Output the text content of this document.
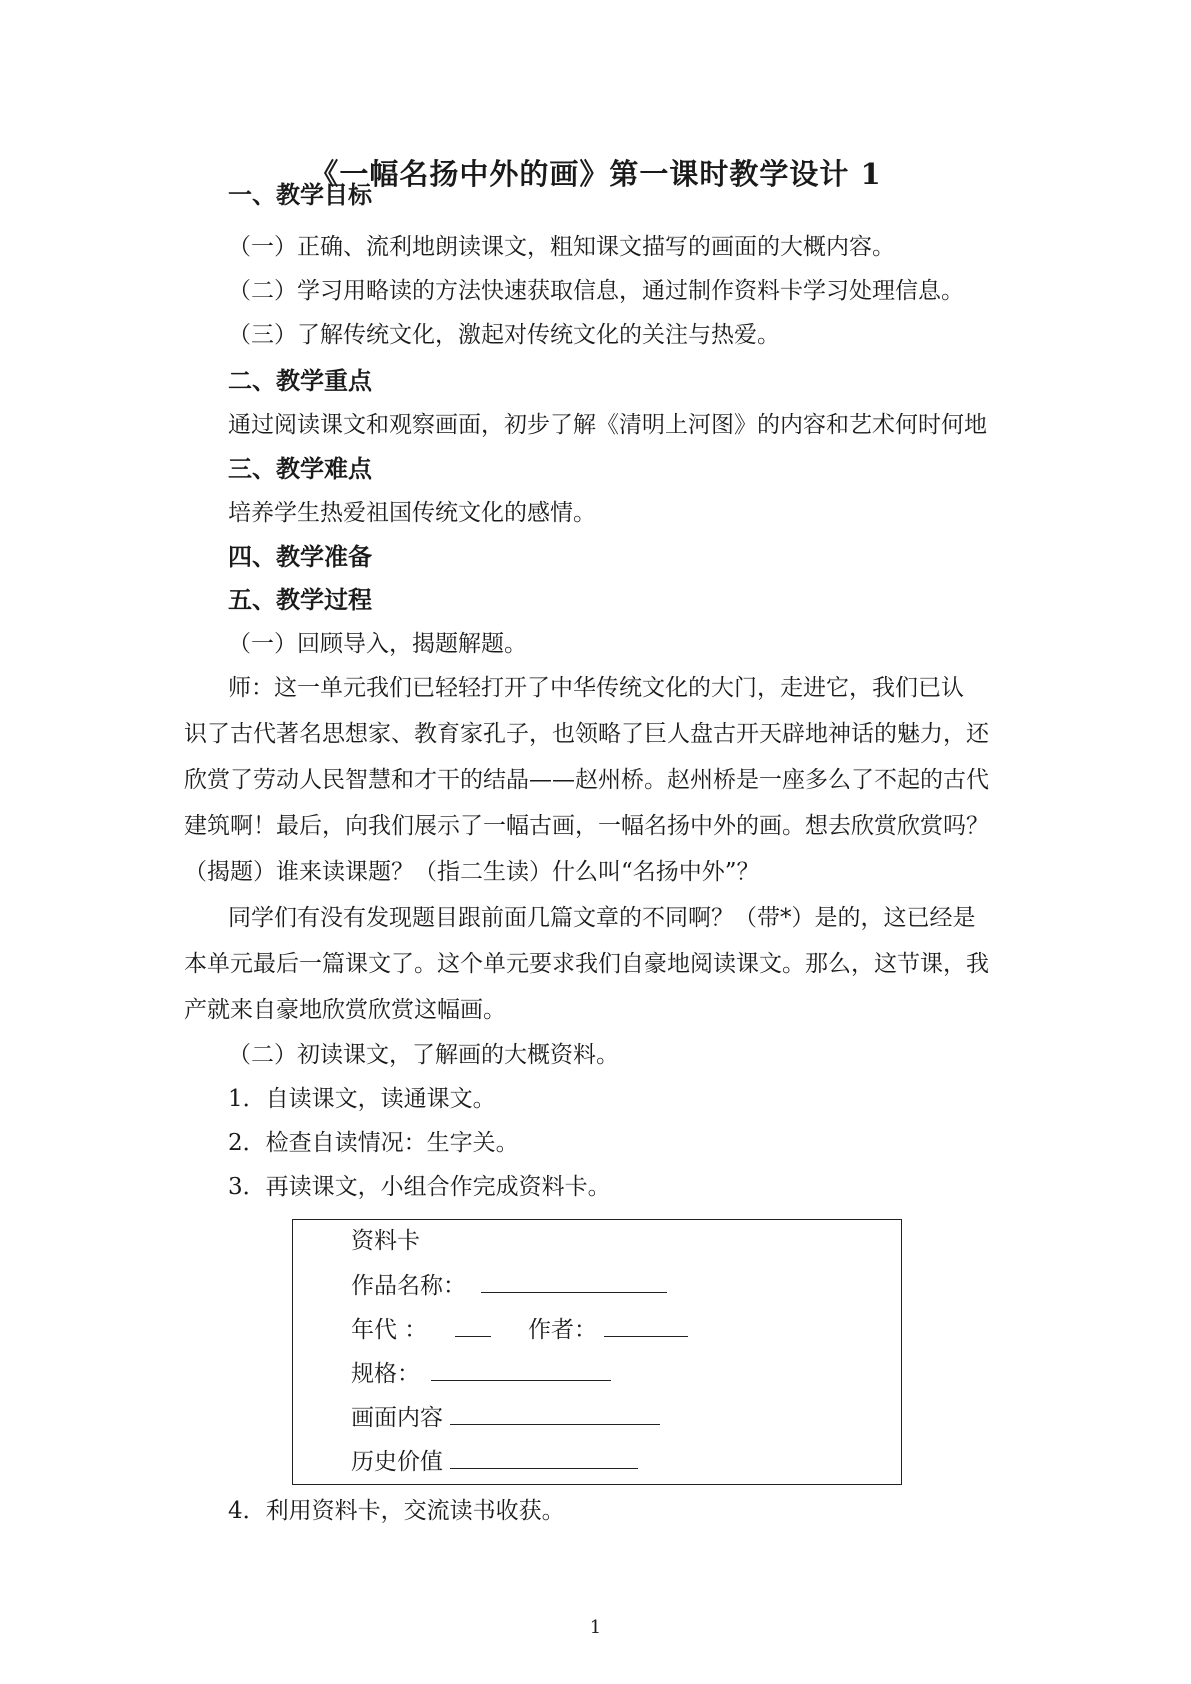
《一幅名扬中外的画》第一课时教学设计 1
一、教学目标
（一）正确、流利地朗读课文，粗知课文描写的画面的大概内容。
（二）学习用略读的方法快速获取信息，通过制作资料卡学习处理信息。
（三）了解传统文化，激起对传统文化的关注与热爱。
二、教学重点
通过阅读课文和观察画面，初步了解《清明上河图》的内容和艺术何时何地
三、教学难点
培养学生热爱祖国传统文化的感情。
四、教学准备
五、教学过程
（一）回顾导入，揭题解题。
师：这一单元我们已轻轻打开了中华传统文化的大门，走进它，我们已认
识了古代著名思想家、教育家孔子，也领略了巨人盘古开天辟地神话的魅力，还
欣赏了劳动人民智慧和才干的结晶——赵州桥。赵州桥是一座多么了不起的古代
建筑啊！最后，向我们展示了一幅古画，一幅名扬中外的画。想去欣赏欣赏吗？
（揭题）谁来读课题？（指二生读）什么叫“名扬中外”？
同学们有没有发现题目跟前面几篇文章的不同啊？（带*）是的，这已经是
本单元最后一篇课文了。这个单元要求我们自豪地阅读课文。那么，这节课，我
产就来自豪地欣赏欣赏这幅画。
（二）初读课文，了解画的大概资料。
1．自读课文，读通课文。
2．检查自读情况：生字关。
3．再读课文，小组合作完成资料卡。
资料卡
作品名称：
年代 ：	作者：
规格：
画面内容
历史价值
4．利用资料卡，交流读书收获。
1
